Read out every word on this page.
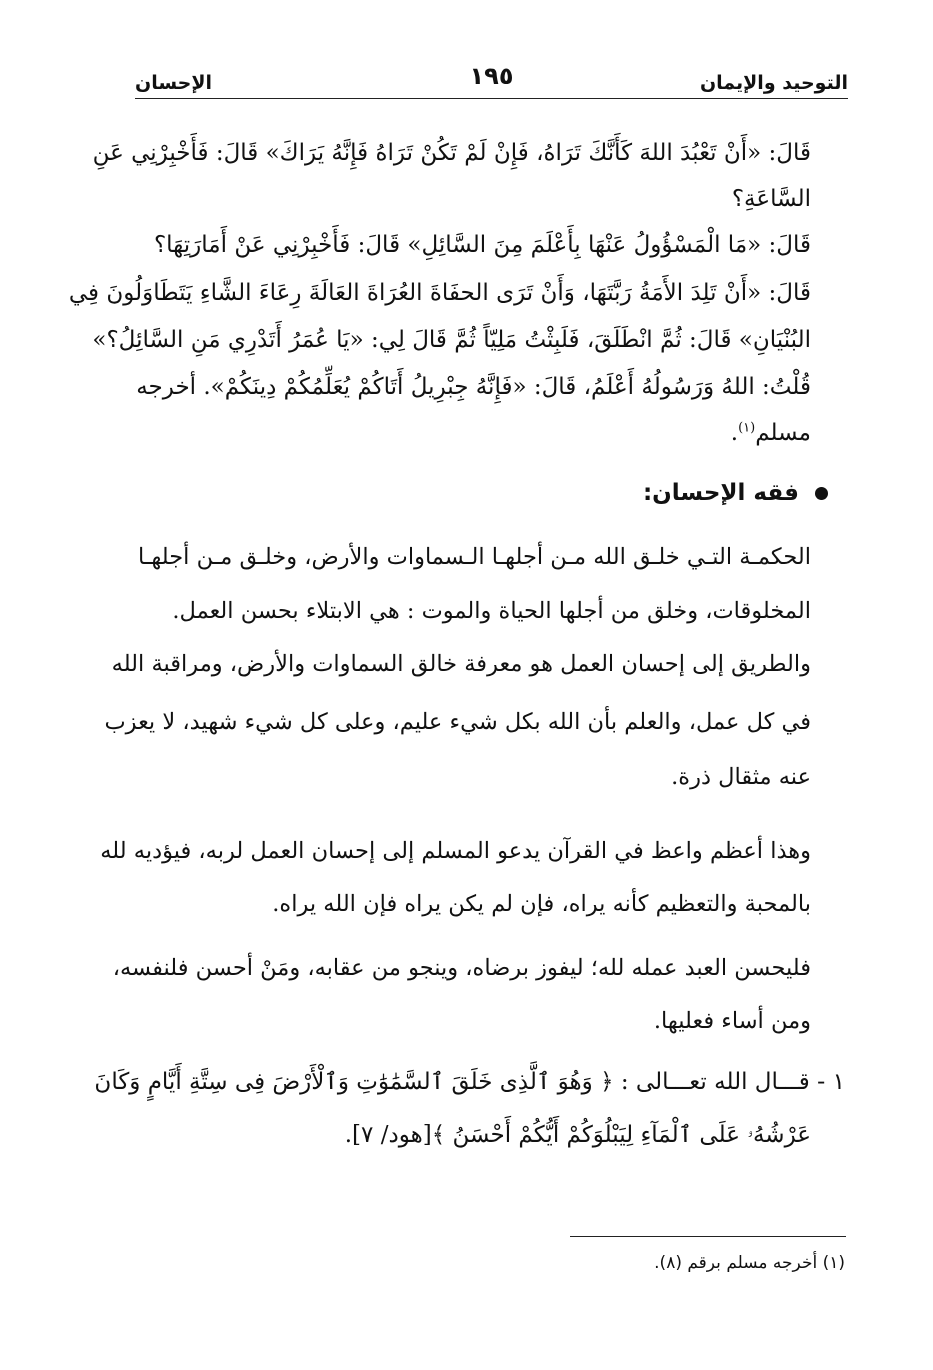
التوحيد والإيمان
١٩٥
الإحسان
قَالَ: «أَنْ تَعْبُدَ اللهَ كَأَنَّكَ تَرَاهُ، فَإِنْ لَمْ تَكُنْ تَرَاهُ فَإِنَّهُ يَرَاكَ» قَالَ: فَأَخْبِرْنِي عَنِ
السَّاعَةِ؟
قَالَ: «مَا الْمَسْؤُولُ عَنْهَا بِأَعْلَمَ مِنَ السَّائِلِ» قَالَ: فَأَخْبِرْنِي عَنْ أَمَارَتِهَا؟
قَالَ: «أَنْ تَلِدَ الأَمَةُ رَبَّتَهَا، وَأَنْ تَرَى الحفَاةَ العُرَاةَ العَالَةَ رِعَاءَ الشَّاءِ يَتَطَاوَلُونَ فِي
البُنْيَانِ» قَالَ: ثُمَّ انْطَلَقَ، فَلَبِثْتُ مَلِيّاً ثُمَّ قَالَ لِي: «يَا عُمَرُ أَتَدْرِي مَنِ السَّائِلُ؟»
قُلْتُ: اللهُ وَرَسُولُهُ أَعْلَمُ، قَالَ: «فَإِنَّهُ جِبْرِيلُ أَتَاكُمْ يُعَلِّمُكُمْ دِينَكُمْ». أخرجه
مسلم$^{(١)}$.
فقه الإحسان:
الحكمـة التـي خلـق الله مـن أجلهـا الـسماوات والأرض، وخلـق مـن أجلهـا
المخلوقات، وخلق من أجلها الحياة والموت : هي الابتلاء بحسن العمل.
والطريق إلى إحسان العمل هو معرفة خالق السماوات والأرض، ومراقبة الله
في كل عمل، والعلم بأن الله بكل شيء عليم، وعلى كل شيء شهيد، لا يعزب
عنه مثقال ذرة.
وهذا أعظم واعظ في القرآن يدعو المسلم إلى إحسان العمل لربه، فيؤديه لله
بالمحبة والتعظيم كأنه يراه، فإن لم يكن يراه فإن الله يراه.
فليحسن العبد عمله لله؛ ليفوز برضاه، وينجو من عقابه، ومَنْ أحسن فلنفسه،
ومن أساء فعليها.
١ - قـــال الله تعـــالى : ﴿ وَهُوَ ٱلَّذِى خَلَقَ ٱلسَّمَٰوَٰتِ وَٱلْأَرْضَ فِى سِتَّةِ أَيَّامٍ وَكَانَ
عَرْشُهُۥ عَلَى ٱلْمَآءِ لِيَبْلُوَكُمْ أَيُّكُمْ أَحْسَنُ ﴾[هود/ ٧].
(١) أخرجه مسلم برقم (٨).
